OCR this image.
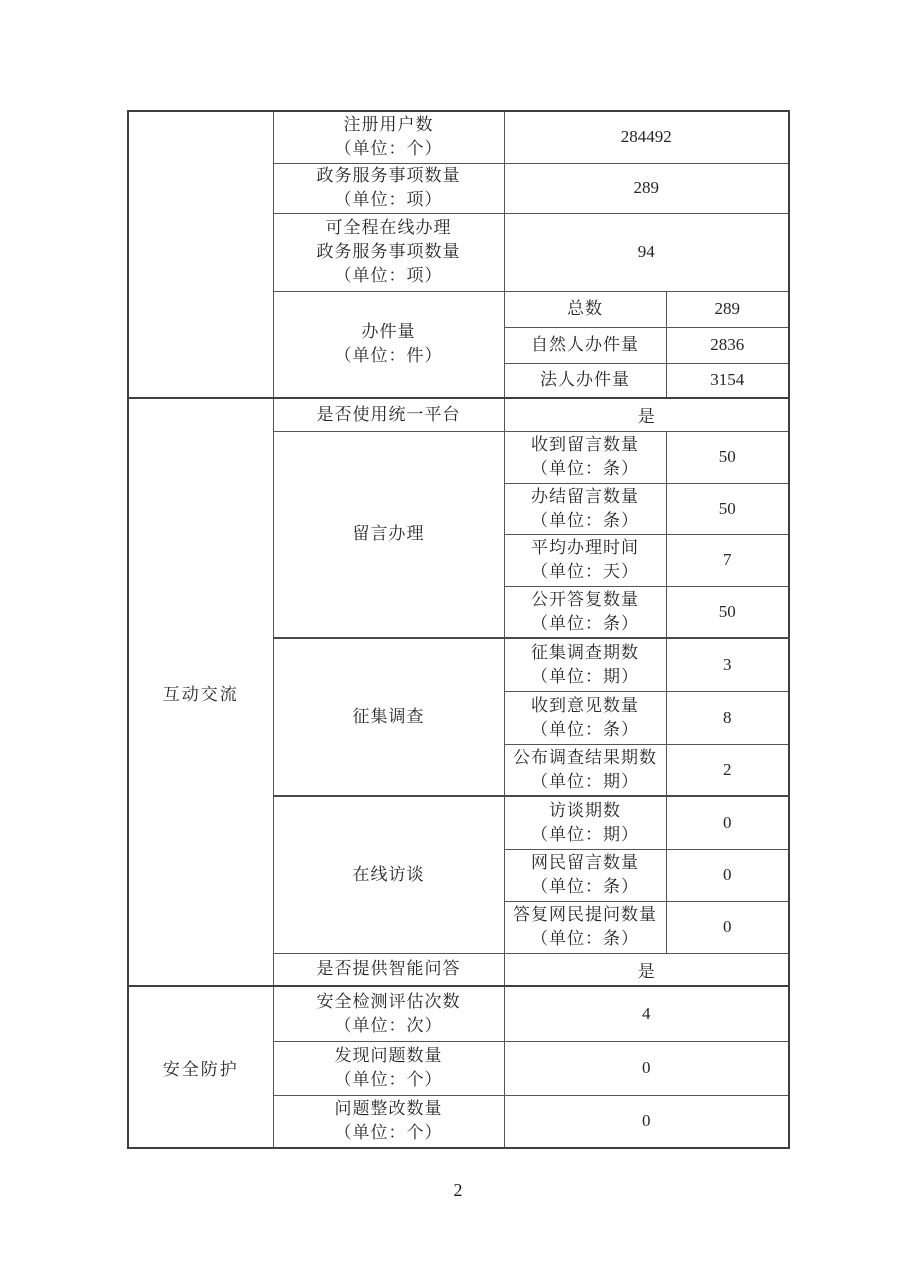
	注册用户数
（单位：个）	284492	

	政务服务事项数量
（单位：项）	289	

	可全程在线办理
政务服务事项数量
（单位：项）	94	

	办件量
（单位：件）	总数	289

		自然人办件量	2836

		法人办件量	3154
互动交流	是否使用统一平台	是	

	留言办理	收到留言数量
（单位：条）	50

		办结留言数量
（单位：条）	50

		平均办理时间
（单位：天）	7

		公开答复数量
（单位：条）	50

	征集调查	征集调查期数
（单位：期）	3

		收到意见数量
（单位：条）	8

		公布调查结果期数
（单位：期）	2

	在线访谈	访谈期数
（单位：期）	0

		网民留言数量
（单位：条）	0

		答复网民提问数量
（单位：条）	0

	是否提供智能问答	是	
安全防护	安全检测评估次数
（单位：次）	4	

	发现问题数量
（单位：个）	0	

	问题整改数量
（单位：个）	0	
2
